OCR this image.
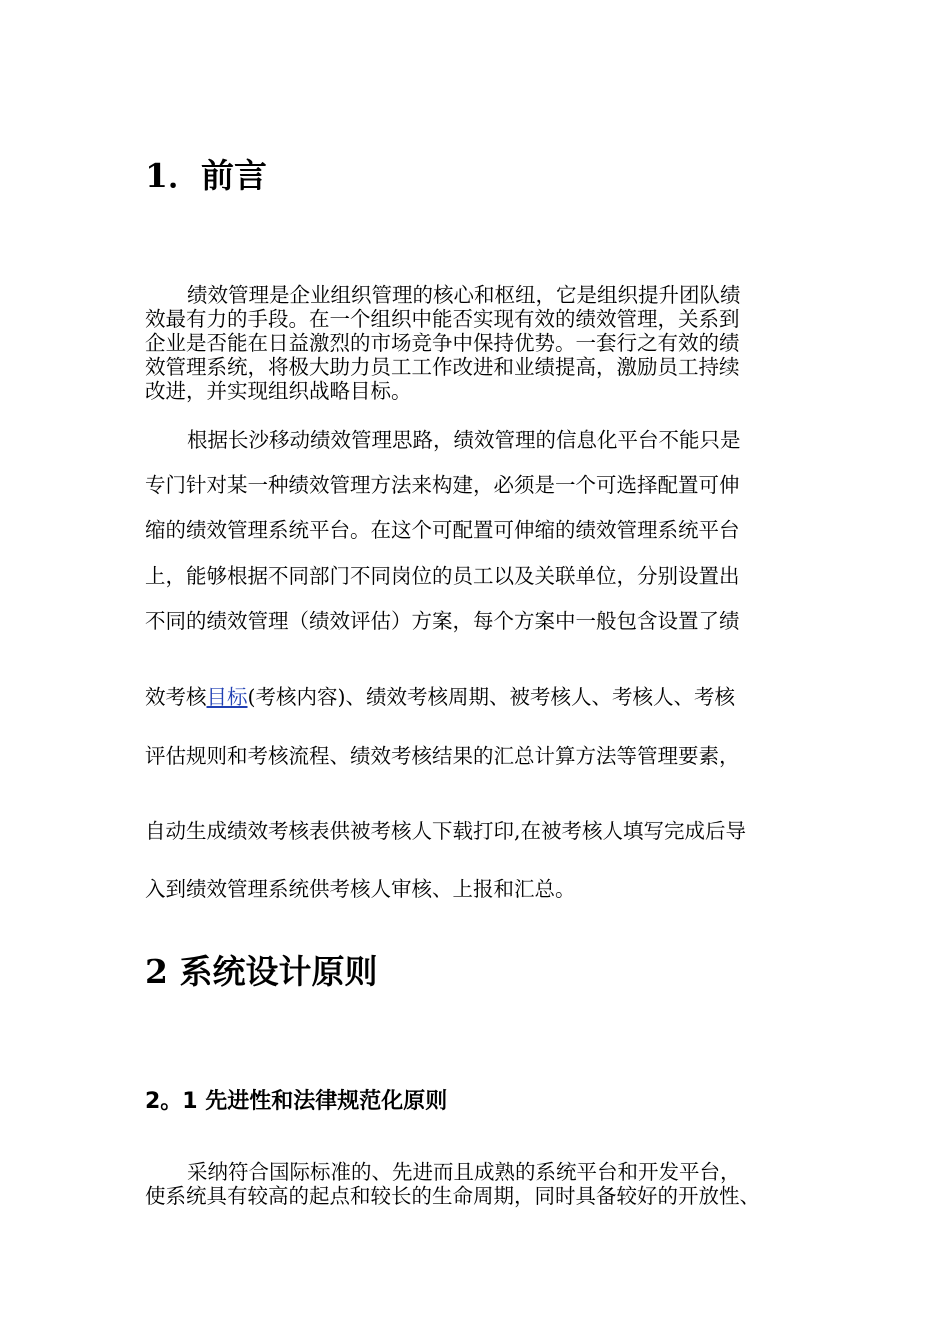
1．前言
绩效管理是企业组织管理的核心和枢纽，它是组织提升团队绩
效最有力的手段。在一个组织中能否实现有效的绩效管理，关系到
企业是否能在日益激烈的市场竞争中保持优势。一套行之有效的绩
效管理系统，将极大助力员工工作改进和业绩提高，激励员工持续
改进，并实现组织战略目标。
根据长沙移动绩效管理思路，绩效管理的信息化平台不能只是
专门针对某一种绩效管理方法来构建，必须是一个可选择配置可伸
缩的绩效管理系统平台。在这个可配置可伸缩的绩效管理系统平台
上，能够根据不同部门不同岗位的员工以及关联单位，分别设置出
不同的绩效管理（绩效评估）方案，每个方案中一般包含设置了绩
效考核目标(考核内容)、绩效考核周期、被考核人、考核人、考核
评估规则和考核流程、绩效考核结果的汇总计算方法等管理要素，
自动生成绩效考核表供被考核人下载打印,在被考核人填写完成后导
入到绩效管理系统供考核人审核、上报和汇总。
2 系统设计原则
2。1 先进性和法律规范化原则
采纳符合国际标准的、先进而且成熟的系统平台和开发平台，
使系统具有较高的起点和较长的生命周期，同时具备较好的开放性、
